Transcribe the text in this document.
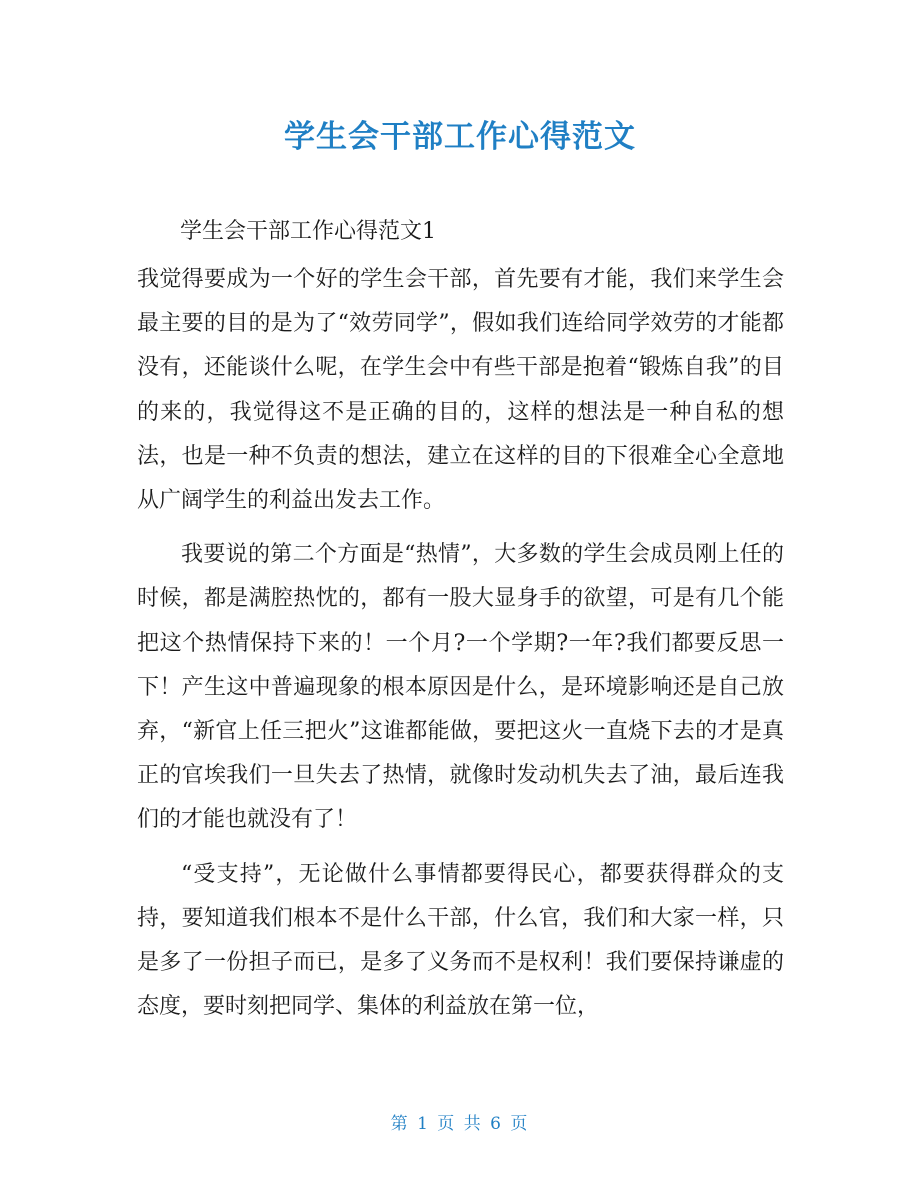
学生会干部工作心得范文
学生会干部工作心得范文1

我觉得要成为一个好的学生会干部，首先要有才能，我们来学生会最主要的目的是为了“效劳同学”，假如我们连给同学效劳的才能都没有，还能谈什么呢，在学生会中有些干部是抱着“锻炼自我”的目的来的，我觉得这不是正确的目的，这样的想法是一种自私的想法，也是一种不负责的想法，建立在这样的目的下很难全心全意地从广阔学生的利益出发去工作。

我要说的第二个方面是“热情”，大多数的学生会成员刚上任的时候，都是满腔热忱的，都有一股大显身手的欲望，可是有几个能把这个热情保持下来的！一个月?一个学期?一年?我们都要反思一下！产生这中普遍现象的根本原因是什么，是环境影响还是自己放弃，“新官上任三把火”这谁都能做，要把这火一直烧下去的才是真正的官埃我们一旦失去了热情，就像时发动机失去了油，最后连我们的才能也就没有了！

“受支持”，无论做什么事情都要得民心，都要获得群众的支持，要知道我们根本不是什么干部，什么官，我们和大家一样，只是多了一份担子而已，是多了义务而不是权利！我们要保持谦虚的态度，要时刻把同学、集体的利益放在第一位，

第 1 页 共 6 页
